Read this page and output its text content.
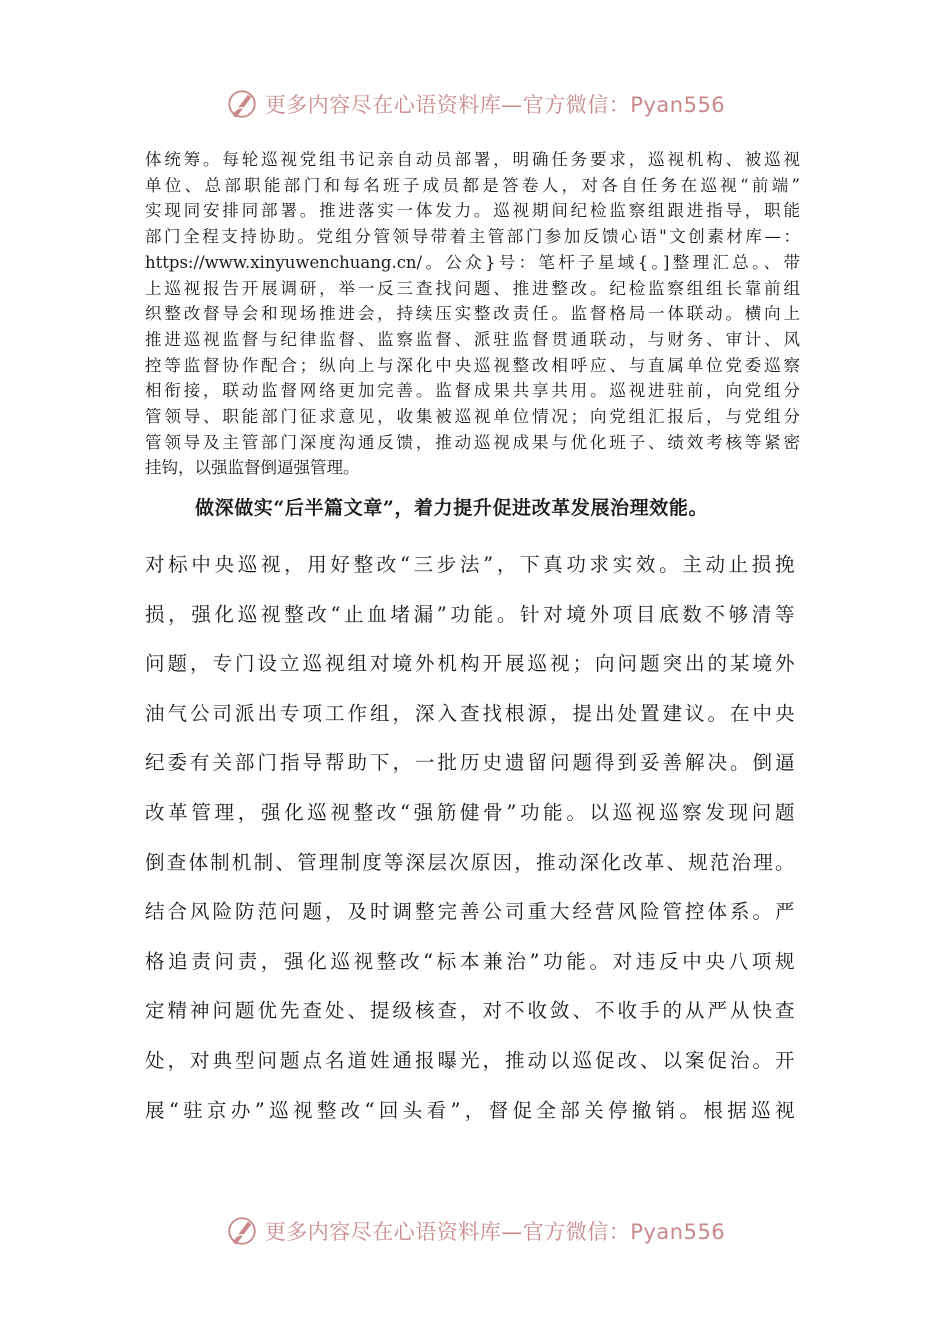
更多内容尽在心语资料库—官方微信：Pyan556
体统筹。每轮巡视党组书记亲自动员部署，明确任务要求，巡视机构、被巡视
单位、总部职能部门和每名班子成员都是答卷人，对各自任务在巡视“前端”
实现同安排同部署。推进落实一体发力。巡视期间纪检监察组跟进指导，职能
部门全程支持协助。党组分管领导带着主管部门参加反馈心语"文创素材库—：
https://www.xinyuwenchuang.cn/。公众}号：笔杆子星域{。]整理汇总。、带
上巡视报告开展调研，举一反三查找问题、推进整改。纪检监察组组长靠前组
织整改督导会和现场推进会，持续压实整改责任。监督格局一体联动。横向上
推进巡视监督与纪律监督、监察监督、派驻监督贯通联动，与财务、审计、风
控等监督协作配合；纵向上与深化中央巡视整改相呼应、与直属单位党委巡察
相衔接，联动监督网络更加完善。监督成果共享共用。巡视进驻前，向党组分
管领导、职能部门征求意见，收集被巡视单位情况；向党组汇报后，与党组分
管领导及主管部门深度沟通反馈，推动巡视成果与优化班子、绩效考核等紧密
挂钩，以强监督倒逼强管理。
做深做实“后半篇文章”，着力提升促进改革发展治理效能。
对标中央巡视，用好整改“三步法”，下真功求实效。主动止损挽
损，强化巡视整改“止血堵漏”功能。针对境外项目底数不够清等
问题，专门设立巡视组对境外机构开展巡视；向问题突出的某境外
油气公司派出专项工作组，深入查找根源，提出处置建议。在中央
纪委有关部门指导帮助下，一批历史遗留问题得到妥善解决。倒逼
改革管理，强化巡视整改“强筋健骨”功能。以巡视巡察发现问题
倒查体制机制、管理制度等深层次原因，推动深化改革、规范治理。
结合风险防范问题，及时调整完善公司重大经营风险管控体系。严
格追责问责，强化巡视整改“标本兼治”功能。对违反中央八项规
定精神问题优先查处、提级核查，对不收敛、不收手的从严从快查
处，对典型问题点名道姓通报曝光，推动以巡促改、以案促治。开
展“驻京办”巡视整改“回头看”，督促全部关停撤销。根据巡视
更多内容尽在心语资料库—官方微信：Pyan556
